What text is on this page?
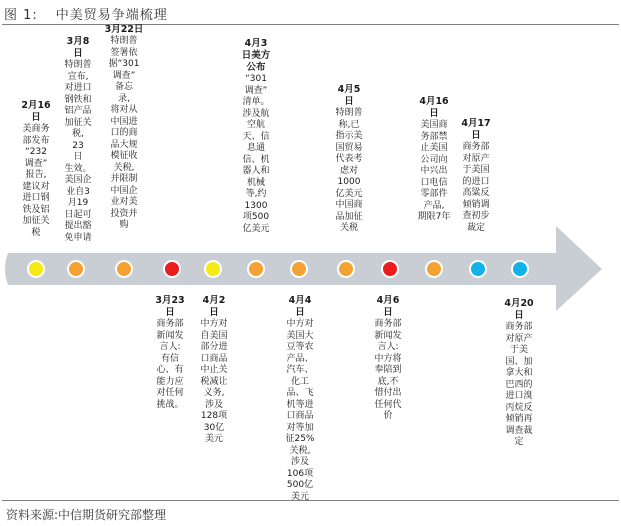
图 1: 中美贸易争端梳理
2月16
日
美商务
部发布
“232
调查”
报告,
建议对
进口钢
铁及铝
加征关
税
3月8
日
特朗普
宣布,
对进口
钢铁和
铝产品
加征关
税,
23
日
生效。
美国企
业自3
月19
日起可
提出豁
免申请
3月22日
特朗普
签署依
据“301
调查”
备忘
录,
将对从
中国进
口的商
品大规
模征收
关税,
并限制
中国企
业对美
投资并
购
4月3
日美方
公布
“301
调查”
清单。
涉及航
空航
天、信
息通
信、机
器人和
机械
等,约
1300
项500
亿美元
4月5
日
特朗普
称,已
指示美
国贸易
代表考
虑对
1000
亿美元
中国商
品加征
关税
4月16
日
美国商
务部禁
止美国
公司向
中兴出
口电信
零部件
产品,
期限7年
4月17
日
商务部
对原产
于美国
的进口
高粱反
倾销调
查初步
裁定
3月23
日
商务部
新闻发
言人:
有信
心、有
能力应
对任何
挑战。
4月2
日
中方对
自美国
部分进
口商品
中止关
税减让
义务,
涉及
128项
30亿
美元
4月4
日
中方对
美国大
豆等农
产品、
汽车、
化工
品、飞
机等进
口商品
对等加
征25%
关税,
涉及
106项
500亿
美元
4月6
日
商务部
新闻发
言人:
中方将
奉陪到
底,不
惜付出
任何代
价
4月20
日
商务部
对原产
于美
国、加
拿大和
巴西的
进口溴
丙烷反
倾销再
调查裁
定
资料来源:中信期货研究部整理
